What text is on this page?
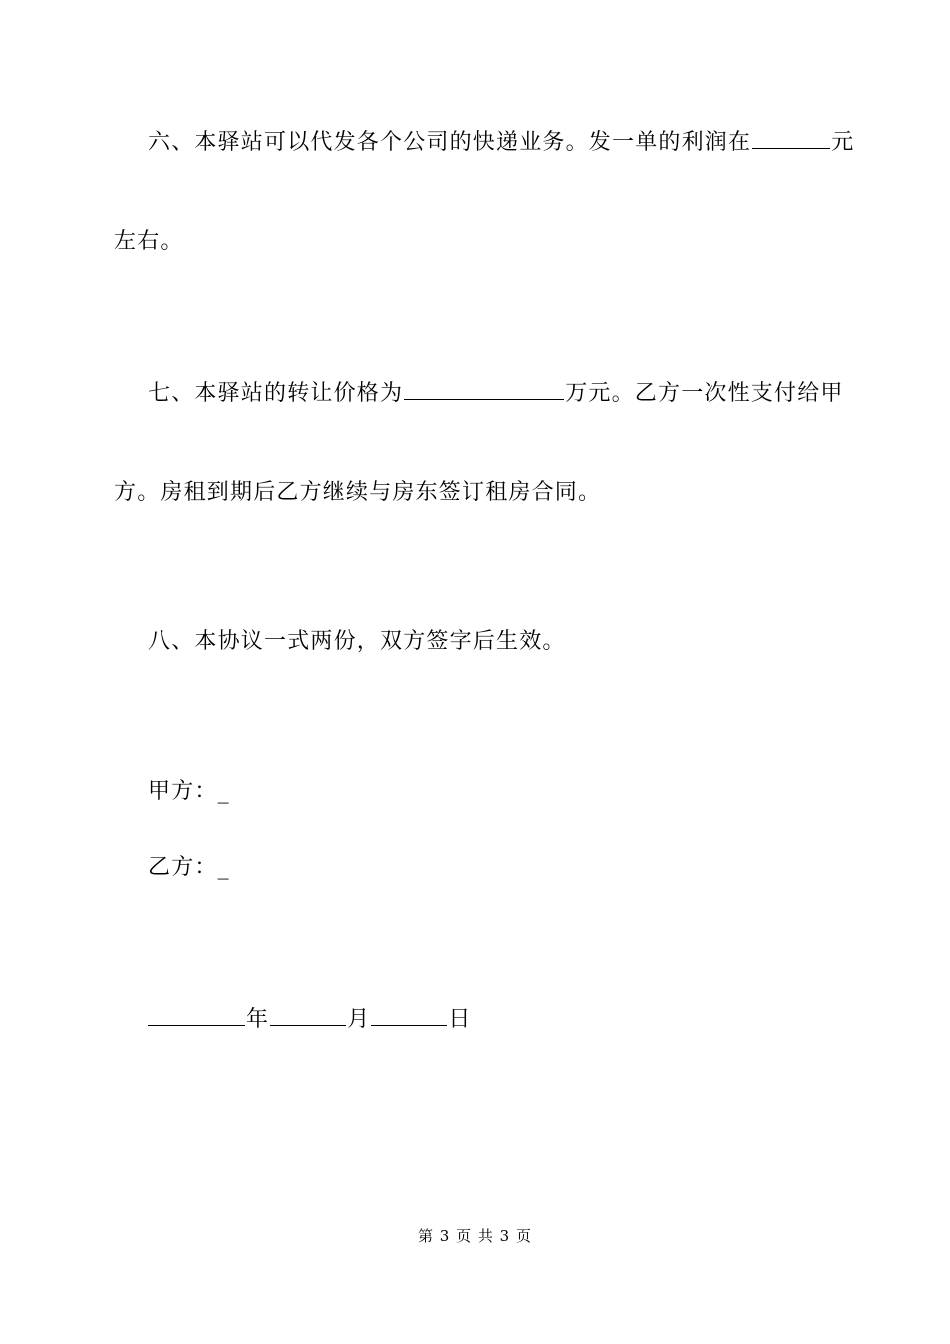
六、本驿站可以代发各个公司的快递业务。发一单的利润在	元
左右。
七、本驿站的转让价格为	万元。乙方一次性支付给甲
方。房租到期后乙方继续与房东签订租房合同。
八、本协议一式两份，双方签字后生效。
甲方：_
乙方：_
年	月	日
第 3 页 共 3 页
